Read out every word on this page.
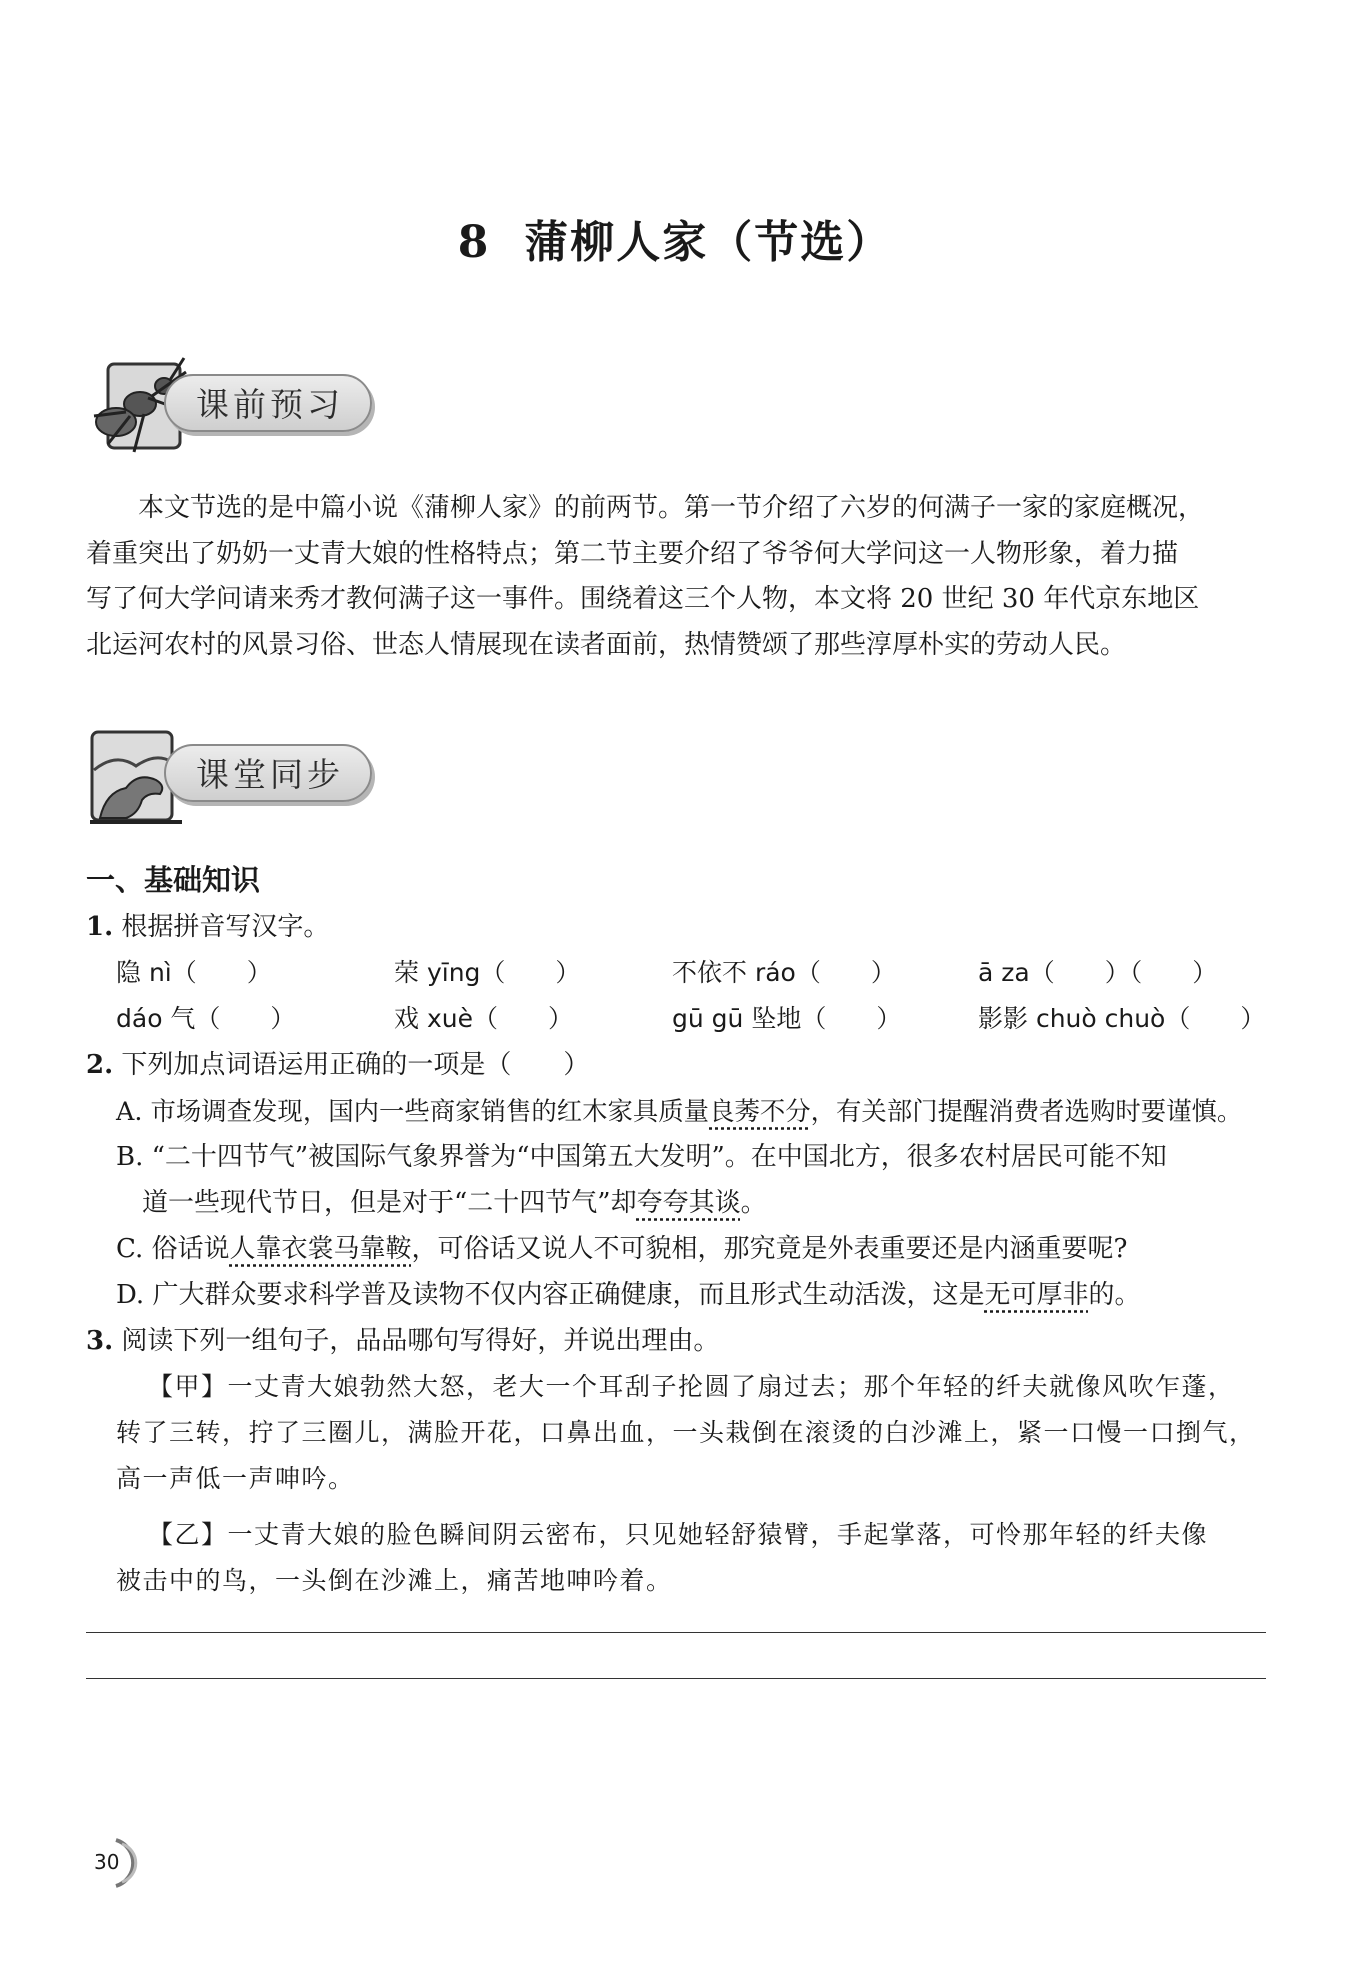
8 蒲柳人家（节选）
课前预习
本文节选的是中篇小说《蒲柳人家》的前两节。第一节介绍了六岁的何满子一家的家庭概况，
着重突出了奶奶一丈青大娘的性格特点；第二节主要介绍了爷爷何大学问这一人物形象，着力描
写了何大学问请来秀才教何满子这一事件。围绕着这三个人物，本文将 20 世纪 30 年代京东地区
北运河农村的风景习俗、世态人情展现在读者面前，热情赞颂了那些淳厚朴实的劳动人民。
课堂同步
一、基础知识
1. 根据拼音写汉字。
隐 nì（　　）	荣 yīng（　　）	不依不 ráo（　　）	ā za（　　）（　　）
dáo 气（　　）	戏 xuè（　　）	gū gū 坠地（　　）	影影 chuò chuò（　　）
2. 下列加点词语运用正确的一项是（　　）
A. 市场调查发现，国内一些商家销售的红木家具质量良莠不分，有关部门提醒消费者选购时要谨慎。
B. “二十四节气”被国际气象界誉为“中国第五大发明”。在中国北方，很多农村居民可能不知
道一些现代节日，但是对于“二十四节气”却夸夸其谈。
C. 俗话说人靠衣裳马靠鞍，可俗话又说人不可貌相，那究竟是外表重要还是内涵重要呢?
D. 广大群众要求科学普及读物不仅内容正确健康，而且形式生动活泼，这是无可厚非的。
3. 阅读下列一组句子，品品哪句写得好，并说出理由。
【甲】一丈青大娘勃然大怒，老大一个耳刮子抡圆了扇过去；那个年轻的纤夫就像风吹乍蓬，
转了三转，拧了三圈儿，满脸开花，口鼻出血，一头栽倒在滚烫的白沙滩上，紧一口慢一口捯气，
高一声低一声呻吟。
【乙】一丈青大娘的脸色瞬间阴云密布，只见她轻舒猿臂，手起掌落，可怜那年轻的纤夫像
被击中的鸟，一头倒在沙滩上，痛苦地呻吟着。
30
